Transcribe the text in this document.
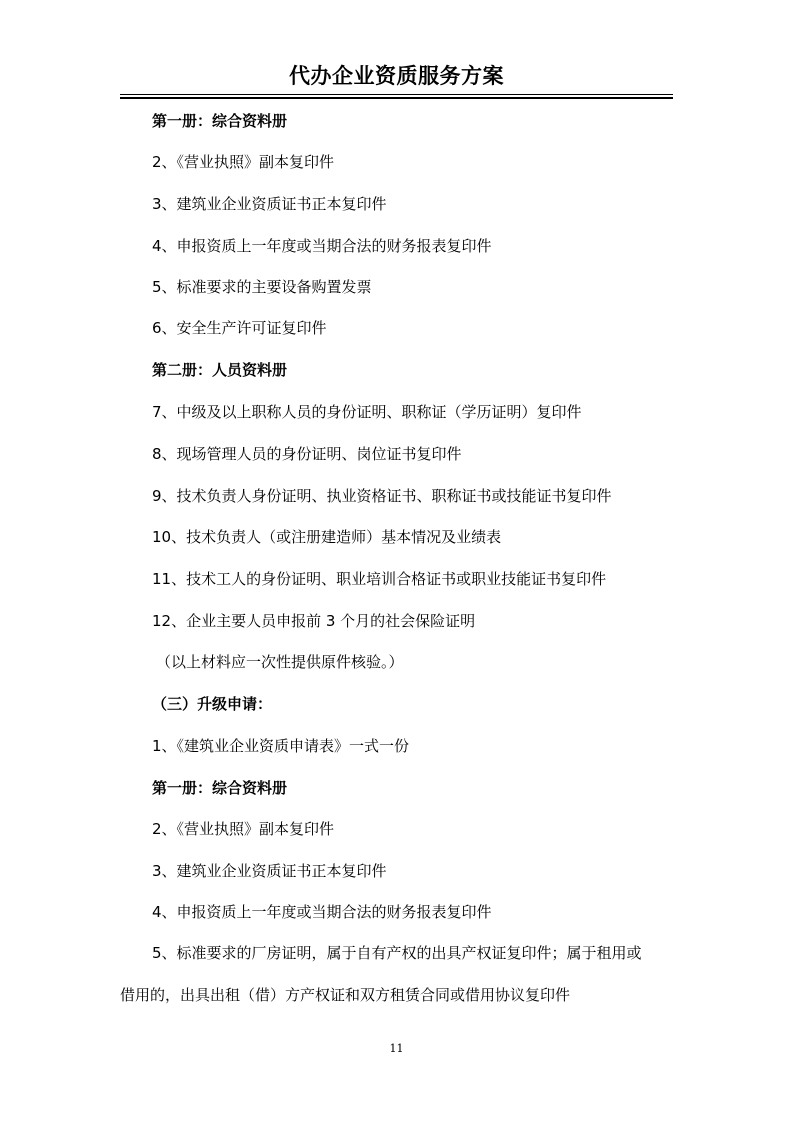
代办企业资质服务方案
第一册：综合资料册
2、《营业执照》副本复印件
3、建筑业企业资质证书正本复印件
4、申报资质上一年度或当期合法的财务报表复印件
5、标准要求的主要设备购置发票
6、安全生产许可证复印件
第二册：人员资料册
7、中级及以上职称人员的身份证明、职称证（学历证明）复印件
8、现场管理人员的身份证明、岗位证书复印件
9、技术负责人身份证明、执业资格证书、职称证书或技能证书复印件
10、技术负责人（或注册建造师）基本情况及业绩表
11、技术工人的身份证明、职业培训合格证书或职业技能证书复印件
12、企业主要人员申报前 3 个月的社会保险证明
（以上材料应一次性提供原件核验。）
（三）升级申请：
1、《建筑业企业资质申请表》一式一份
第一册：综合资料册
2、《营业执照》副本复印件
3、建筑业企业资质证书正本复印件
4、申报资质上一年度或当期合法的财务报表复印件
5、标准要求的厂房证明，属于自有产权的出具产权证复印件；属于租用或
借用的，出具出租（借）方产权证和双方租赁合同或借用协议复印件
11
